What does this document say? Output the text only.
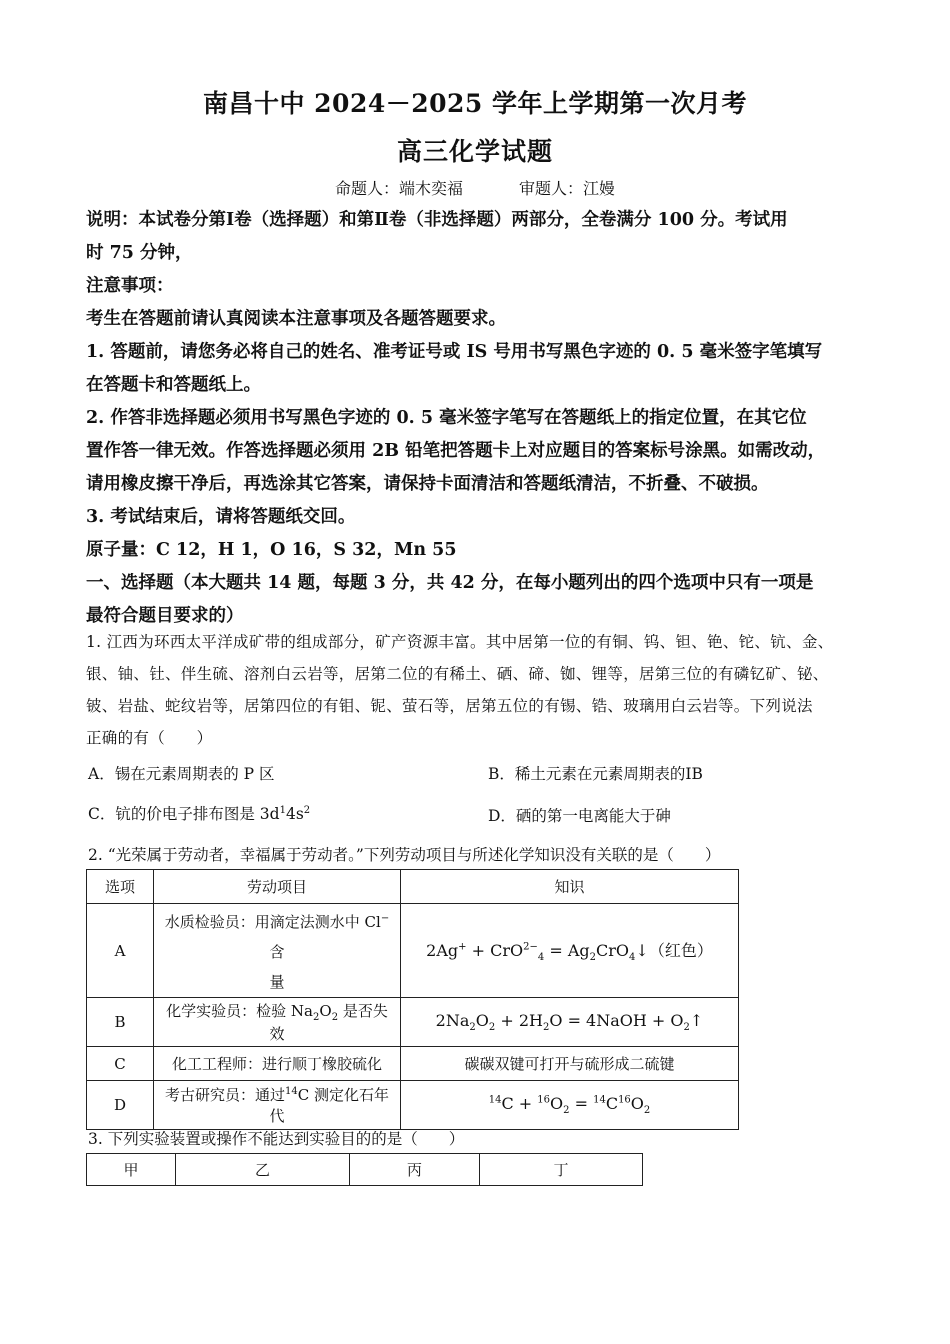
南昌十中 2024－2025 学年上学期第一次月考
高三化学试题
命题人：端木奕福	审题人：江嫚
说明：本试卷分第Ⅰ卷（选择题）和第Ⅱ卷（非选择题）两部分，全卷满分 100 分。考试用
时 75 分钟，
注意事项：
考生在答题前请认真阅读本注意事项及各题答题要求。
1. 答题前，请您务必将自己的姓名、准考证号或 IS 号用书写黑色字迹的 0. 5 毫米签字笔填写
在答题卡和答题纸上。
2. 作答非选择题必须用书写黑色字迹的 0. 5 毫米签字笔写在答题纸上的指定位置，在其它位
置作答一律无效。作答选择题必须用 2B 铅笔把答题卡上对应题目的答案标号涂黑。如需改动，
请用橡皮擦干净后，再选涂其它答案，请保持卡面清洁和答题纸清洁，不折叠、不破损。
3. 考试结束后，请将答题纸交回。
原子量：C 12，H 1，O 16，S 32，Mn 55
一、选择题（本大题共 14 题，每题 3 分，共 42 分，在每小题列出的四个选项中只有一项是
最符合题目要求的）
1. 江西为环西太平洋成矿带的组成部分，矿产资源丰富。其中居第一位的有铜、钨、钽、铯、铊、钪、金、
银、铀、钍、伴生硫、溶剂白云岩等，居第二位的有稀土、硒、碲、铷、锂等，居第三位的有磷钇矿、铋、
铍、岩盐、蛇纹岩等，居第四位的有钼、铌、萤石等，居第五位的有锡、锆、玻璃用白云岩等。下列说法
正确的有（　　）
A．锡在元素周期表的 P 区	B．稀土元素在元素周期表的ⅠB
C．钪的价电子排布图是 $3d^14s^2$	D．硒的第一电离能大于砷
2. “光荣属于劳动者，幸福属于劳动者。”下列劳动项目与所述化学知识没有关联的是（　　）
选项	劳动项目	知识
A	水质检验员：用滴定法测水中 Cl− 含
量	$2Ag^+ + CrO^{2-}_4 = Ag_2CrO_4↓$（红色）
B	化学实验员：检验 $Na_2O_2$ 是否失效	$2Na_2O_2 + 2H_2O$ = 4NaOH + $O_2↑$
C	化工工程师：进行顺丁橡胶硫化	碳碳双键可打开与硫形成二硫键
D	考古研究员：通过$^{14}$C 测定化石年代	$^{14}C + ^{16}O_2 = ^{14}C^{16}O_2$
3. 下列实验装置或操作不能达到实验目的的是（　　）
甲	乙	丙	丁
